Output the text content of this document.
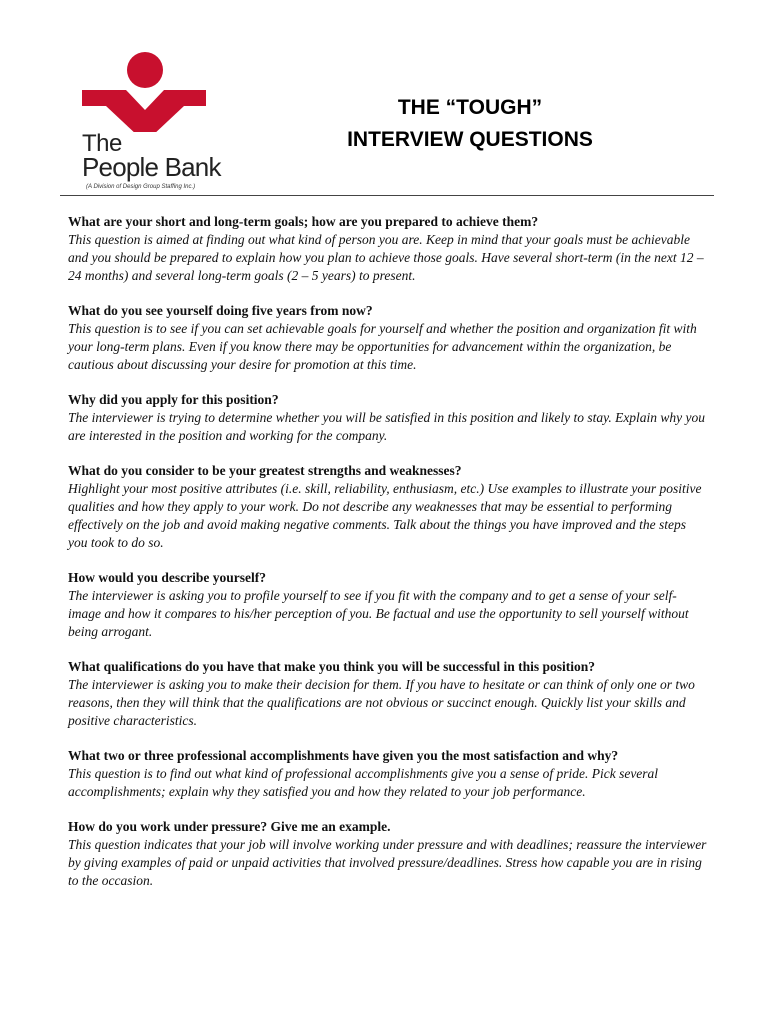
The
People Bank
(A Division of Design Group Staffing Inc.)
THE “TOUGH”
INTERVIEW QUESTIONS
What are your short and long-term goals; how are you prepared to achieve them?
This question is aimed at finding out what kind of person you are. Keep in mind that your goals must be achievable and you should be prepared to explain how you plan to achieve those goals. Have several short-term (in the next 12 – 24 months) and several long-term goals (2 – 5 years) to present.
What do you see yourself doing five years from now?
This question is to see if you can set achievable goals for yourself and whether the position and organization fit with your long-term plans. Even if you know there may be opportunities for advancement within the organization, be cautious about discussing your desire for promotion at this time.
Why did you apply for this position?
The interviewer is trying to determine whether you will be satisfied in this position and likely to stay. Explain why you are interested in the position and working for the company.
What do you consider to be your greatest strengths and weaknesses?
Highlight your most positive attributes (i.e. skill, reliability, enthusiasm, etc.) Use examples to illustrate your positive qualities and how they apply to your work. Do not describe any weaknesses that may be essential to performing effectively on the job and avoid making negative comments. Talk about the things you have improved and the steps you took to do so.
How would you describe yourself?
The interviewer is asking you to profile yourself to see if you fit with the company and to get a sense of your self-image and how it compares to his/her perception of you. Be factual and use the opportunity to sell yourself without being arrogant.
What qualifications do you have that make you think you will be successful in this position?
The interviewer is asking you to make their decision for them. If you have to hesitate or can think of only one or two reasons, then they will think that the qualifications are not obvious or succinct enough. Quickly list your skills and positive characteristics.
What two or three professional accomplishments have given you the most satisfaction and why?
This question is to find out what kind of professional accomplishments give you a sense of pride. Pick several accomplishments; explain why they satisfied you and how they related to your job performance.
How do you work under pressure? Give me an example.
This question indicates that your job will involve working under pressure and with deadlines; reassure the interviewer by giving examples of paid or unpaid activities that involved pressure/deadlines. Stress how capable you are in rising to the occasion.
